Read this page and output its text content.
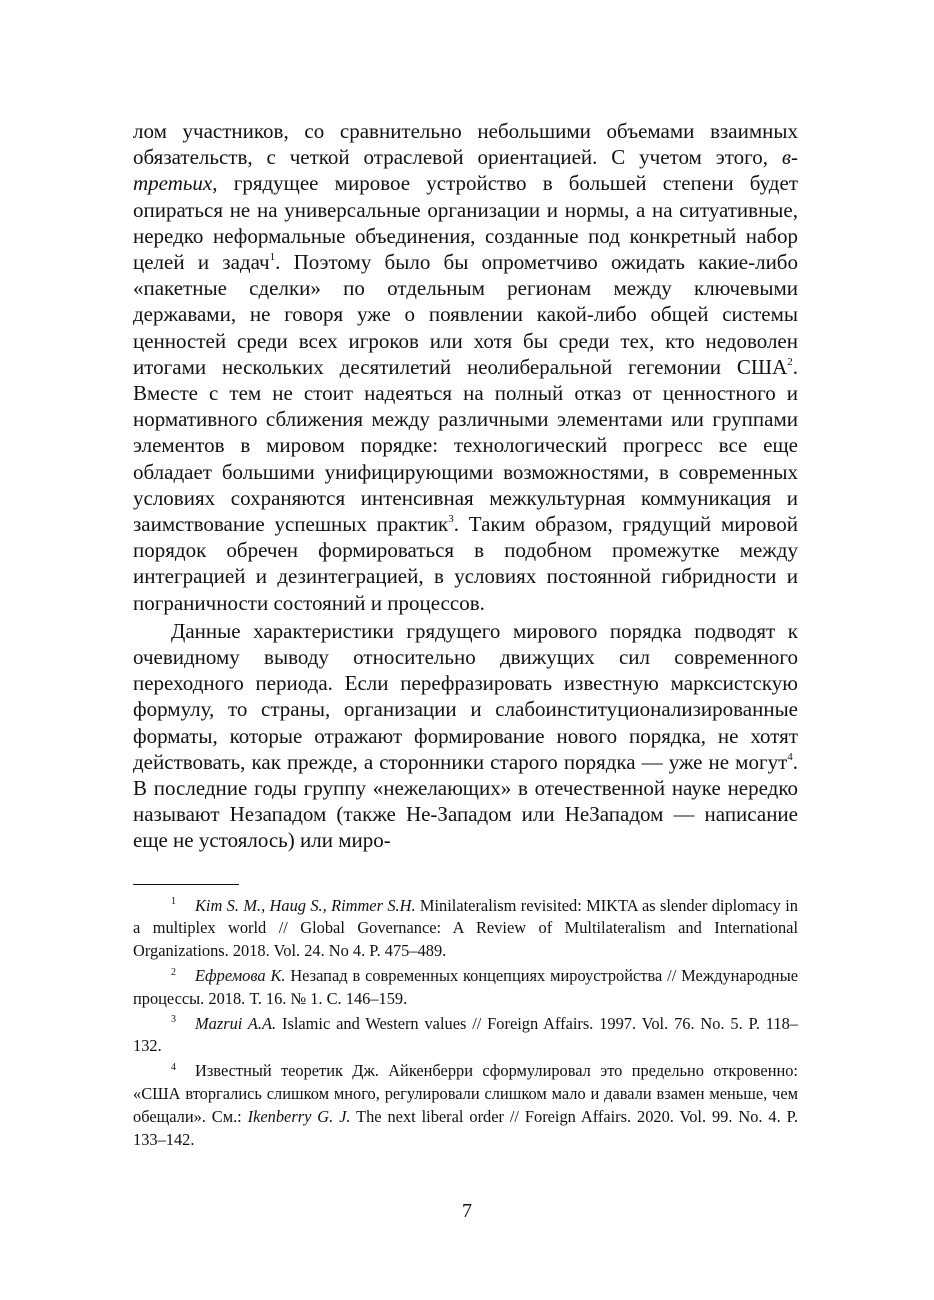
лом участников, со сравнительно небольшими объемами взаимных обязательств, с четкой отраслевой ориентацией. С учетом этого, в-третьих, грядущее мировое устройство в большей степени будет опираться не на универсальные организации и нормы, а на ситуативные, нередко неформальные объединения, созданные под конкретный набор целей и задач$^1$. Поэтому было бы опрометчиво ожидать какие-либо «пакетные сделки» по отдельным регионам между ключевыми державами, не говоря уже о появлении какой-либо общей системы ценностей среди всех игроков или хотя бы среди тех, кто недоволен итогами нескольких десятилетий неолиберальной гегемонии США$^2$. Вместе с тем не стоит надеяться на полный отказ от ценностного и нормативного сближения между различными элементами или группами элементов в мировом порядке: технологический прогресс все еще обладает большими унифицирующими возможностями, в современных условиях сохраняются интенсивная межкультурная коммуникация и заимствование успешных практик$^3$. Таким образом, грядущий мировой порядок обречен формироваться в подобном промежутке между интеграцией и дезинтеграцией, в условиях постоянной гибридности и пограничности состояний и процессов.

Данные характеристики грядущего мирового порядка подводят к очевидному выводу относительно движущих сил современного переходного периода. Если перефразировать известную марксистскую формулу, то страны, организации и слабоинституционализированные форматы, которые отражают формирование нового порядка, не хотят действовать, как прежде, а сторонники старого порядка — уже не могут$^4$. В последние годы группу «нежелающих» в отечественной науке нередко называют Незападом (также Не-Западом или НеЗападом — написание еще не устоялось) или миро-

1 Kim S. M., Haug S., Rimmer S.H. Minilateralism revisited: MIKTA as slender diplomacy in a multiplex world // Global Governance: A Review of Multilateralism and International Organizations. 2018. Vol. 24. No 4. P. 475–489.

2 Ефремова К. Незапад в современных концепциях мироустройства // Международные процессы. 2018. Т. 16. № 1. С. 146–159.

3 Mazrui A.A. Islamic and Western values // Foreign Affairs. 1997. Vol. 76. No. 5. P. 118–132.

4 Известный теоретик Дж. Айкенберри сформулировал это предельно откровенно: «США вторгались слишком много, регулировали слишком мало и давали взамен меньше, чем обещали». См.: Ikenberry G. J. The next liberal order // Foreign Affairs. 2020. Vol. 99. No. 4. P. 133–142.

7
